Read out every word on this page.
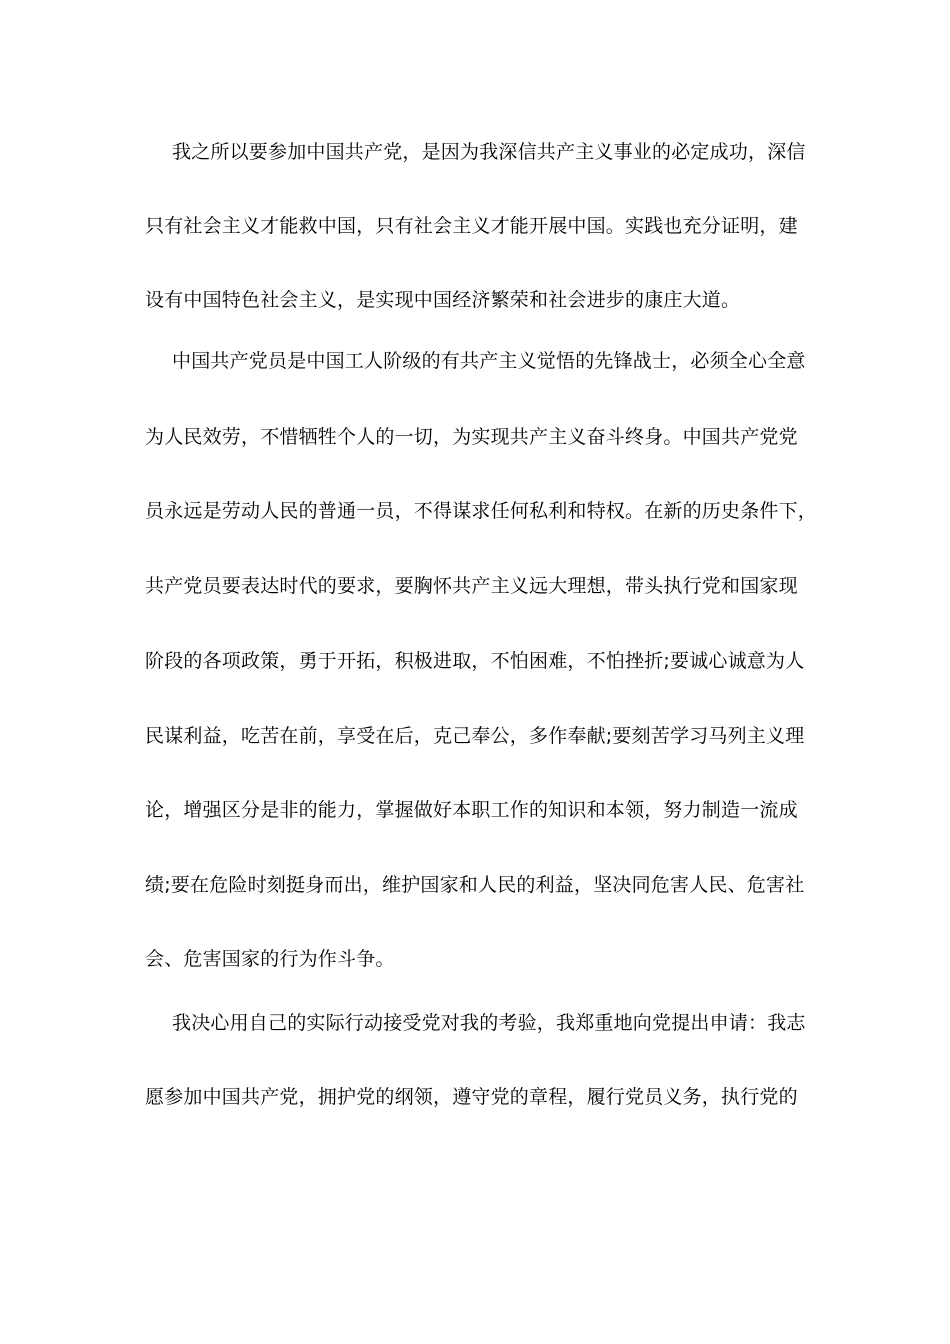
我之所以要参加中国共产党，是因为我深信共产主义事业的必定成功，深信
只有社会主义才能救中国，只有社会主义才能开展中国。实践也充分证明，建
设有中国特色社会主义，是实现中国经济繁荣和社会进步的康庄大道。
中国共产党员是中国工人阶级的有共产主义觉悟的先锋战士，必须全心全意
为人民效劳，不惜牺牲个人的一切，为实现共产主义奋斗终身。中国共产党党
员永远是劳动人民的普通一员，不得谋求任何私利和特权。在新的历史条件下，
共产党员要表达时代的要求，要胸怀共产主义远大理想，带头执行党和国家现
阶段的各项政策，勇于开拓，积极进取，不怕困难，不怕挫折;要诚心诚意为人
民谋利益，吃苦在前，享受在后，克己奉公，多作奉献;要刻苦学习马列主义理
论，增强区分是非的能力，掌握做好本职工作的知识和本领，努力制造一流成
绩;要在危险时刻挺身而出，维护国家和人民的利益，坚决同危害人民、危害社
会、危害国家的行为作斗争。
我决心用自己的实际行动接受党对我的考验，我郑重地向党提出申请：我志
愿参加中国共产党，拥护党的纲领，遵守党的章程，履行党员义务，执行党的
